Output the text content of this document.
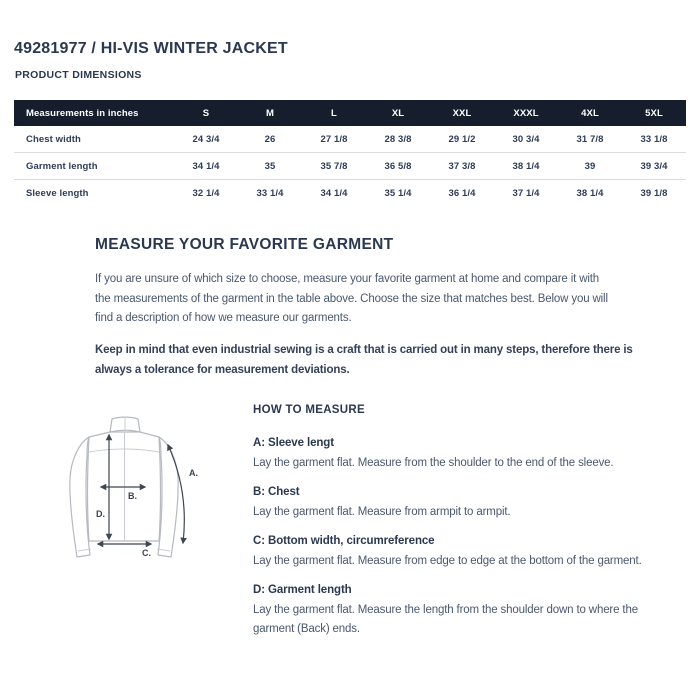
49281977 / HI-VIS WINTER JACKET
PRODUCT DIMENSIONS
Measurements in inches	S	M	L	XL	XXL	XXXL	4XL	5XL
Chest width	24 3/4	26	27 1/8	28 3/8	29 1/2	30 3/4	31 7/8	33 1/8
Garment length	34 1/4	35	35 7/8	36 5/8	37 3/8	38 1/4	39	39 3/4
Sleeve length	32 1/4	33 1/4	34 1/4	35 1/4	36 1/4	37 1/4	38 1/4	39 1/8
MEASURE YOUR FAVORITE GARMENT
If you are unsure of which size to choose, measure your favorite garment at home and compare it with the measurements of the garment in the table above. Choose the size that matches best. Below you will find a description of how we measure our garments.
Keep in mind that even industrial sewing is a craft that is carried out in many steps, therefore there is always a tolerance for measurement deviations.
A.
B.
C.
D.
HOW TO MEASURE
A: Sleeve lengt
Lay the garment flat. Measure from the shoulder to the end of the sleeve.
B: Chest
Lay the garment flat. Measure from armpit to armpit.
C: Bottom width, circumreference
Lay the garment flat. Measure from edge to edge at the bottom of the garment.
D: Garment length
Lay the garment flat. Measure the length from the shoulder down to where the garment (Back) ends.
